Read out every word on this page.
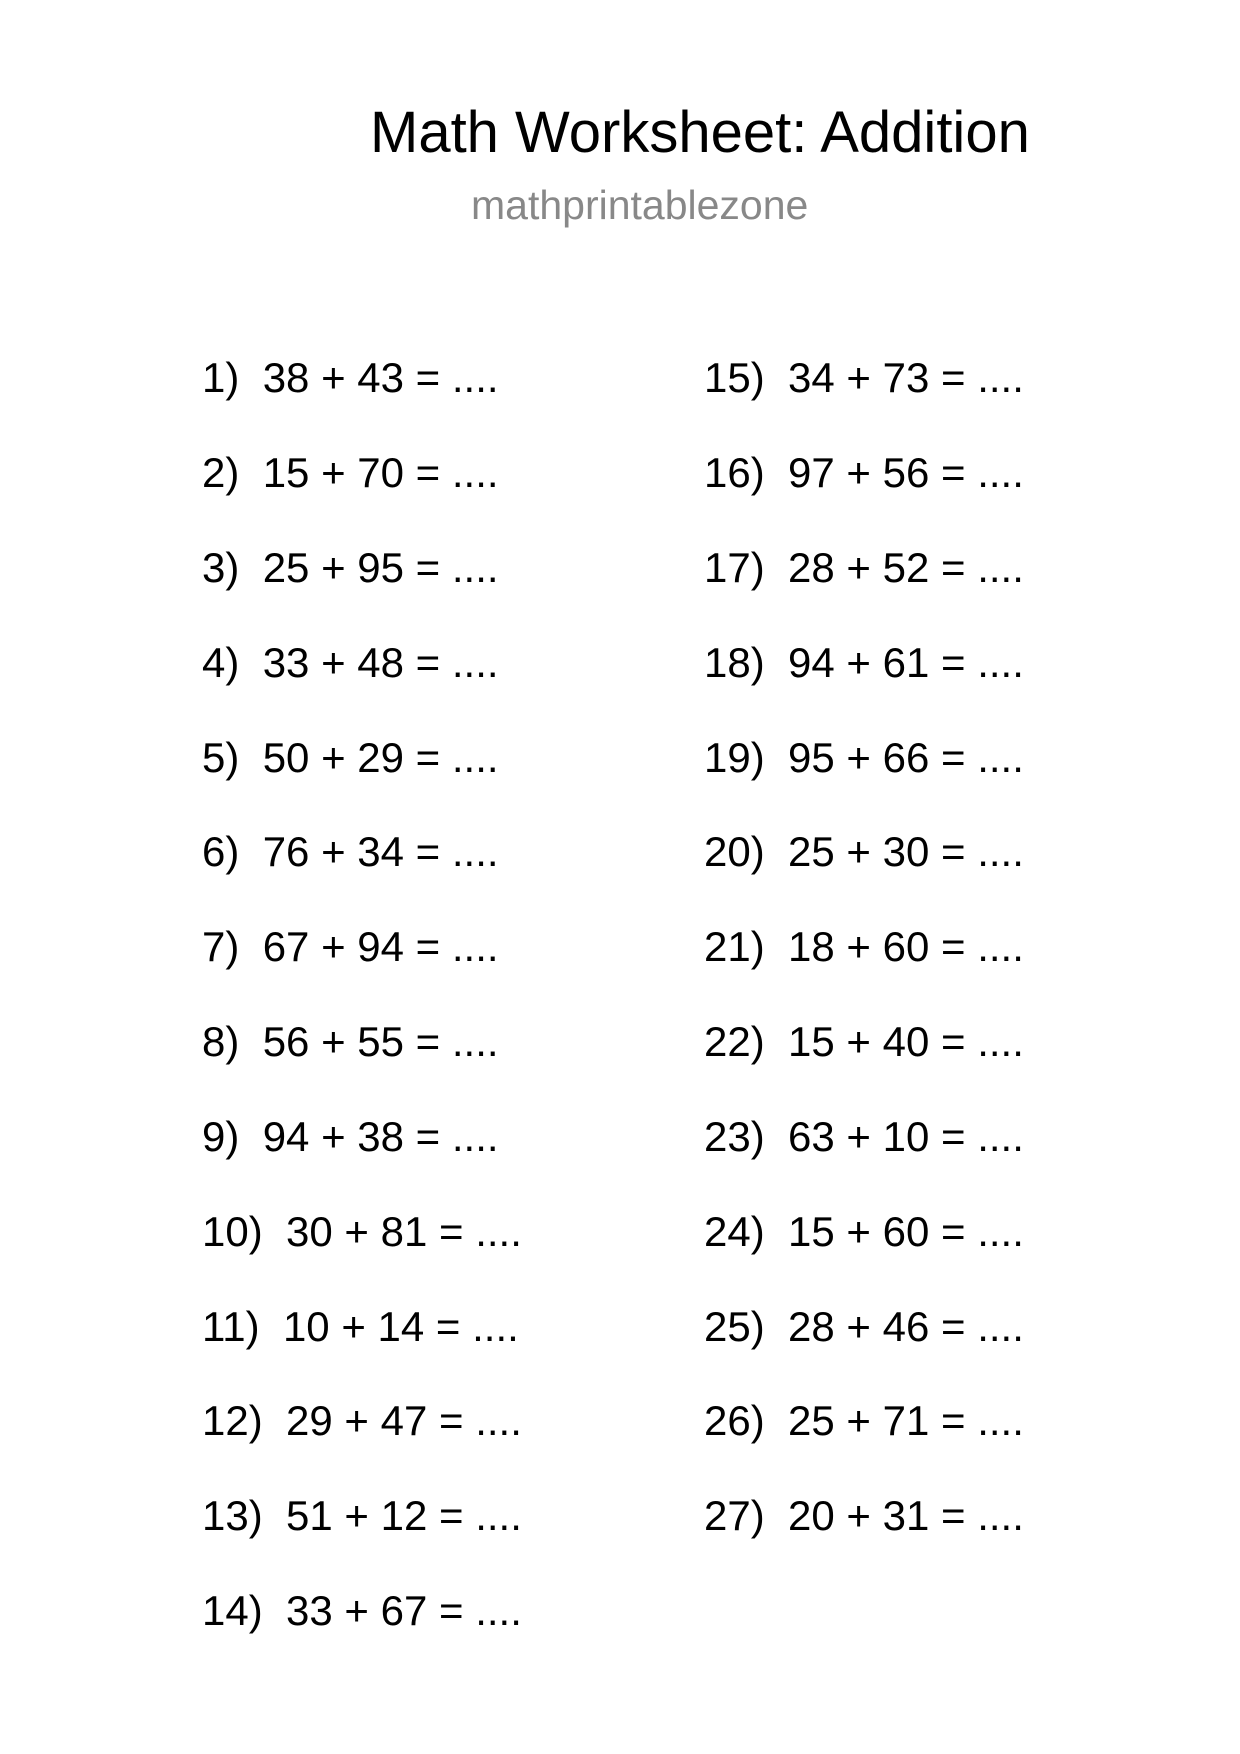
Math Worksheet: Addition
mathprintablezone
1) 38 + 43 = ....
2) 15 + 70 = ....
3) 25 + 95 = ....
4) 33 + 48 = ....
5) 50 + 29 = ....
6) 76 + 34 = ....
7) 67 + 94 = ....
8) 56 + 55 = ....
9) 94 + 38 = ....
10) 30 + 81 = ....
11) 10 + 14 = ....
12) 29 + 47 = ....
13) 51 + 12 = ....
14) 33 + 67 = ....
15) 34 + 73 = ....
16) 97 + 56 = ....
17) 28 + 52 = ....
18) 94 + 61 = ....
19) 95 + 66 = ....
20) 25 + 30 = ....
21) 18 + 60 = ....
22) 15 + 40 = ....
23) 63 + 10 = ....
24) 15 + 60 = ....
25) 28 + 46 = ....
26) 25 + 71 = ....
27) 20 + 31 = ....
